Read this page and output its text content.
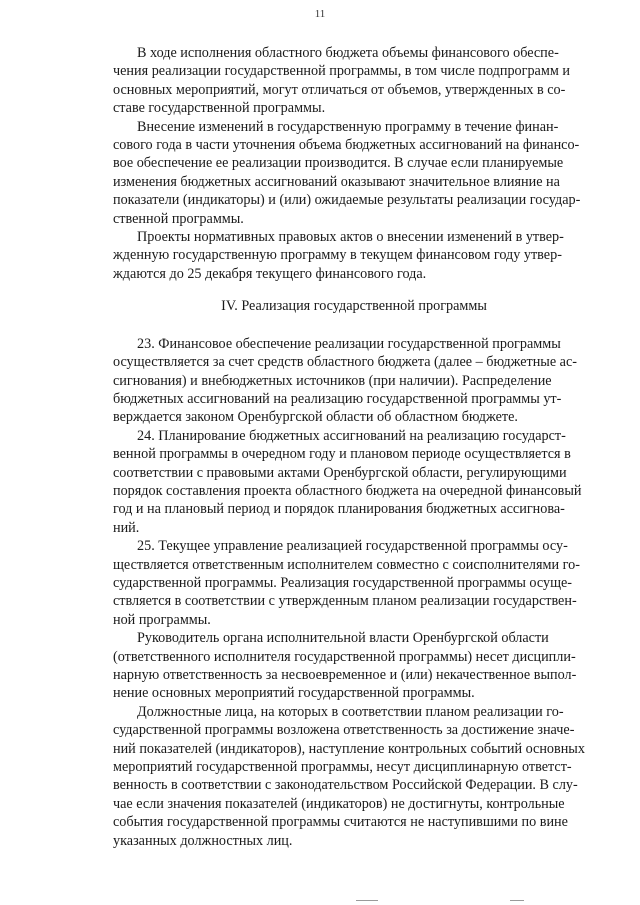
11

В ходе исполнения областного бюджета объемы финансового обеспе-
чения реализации государственной программы, в том числе подпрограмм и
основных мероприятий, могут отличаться от объемов, утвержденных в со-
ставе государственной программы.

Внесение изменений в государственную программу в течение финан-
сового года в части уточнения объема бюджетных ассигнований на финансо-
вое обеспечение ее реализации производится. В случае если планируемые
изменения бюджетных ассигнований оказывают значительное влияние на
показатели (индикаторы) и (или) ожидаемые результаты реализации государ-
ственной программы.

Проекты нормативных правовых актов о внесении изменений в утвер-
жденную государственную программу в текущем финансовом году утвер-
ждаются до 25 декабря текущего финансового года.

IV. Реализация государственной программы

23. Финансовое обеспечение реализации государственной программы
осуществляется за счет средств областного бюджета (далее – бюджетные ас-
сигнования) и внебюджетных источников (при наличии). Распределение
бюджетных ассигнований на реализацию государственной программы ут-
верждается законом Оренбургской области об областном бюджете.

24. Планирование бюджетных ассигнований на реализацию государст-
венной программы в очередном году и плановом периоде осуществляется в
соответствии с правовыми актами Оренбургской области, регулирующими
порядок составления проекта областного бюджета на очередной финансовый
год и на плановый период и порядок планирования бюджетных ассигнова-
ний.

25. Текущее управление реализацией государственной программы осу-
ществляется ответственным исполнителем совместно с соисполнителями го-
сударственной программы. Реализация государственной программы осуще-
ствляется в соответствии с утвержденным планом реализации государствен-
ной программы.

Руководитель органа исполнительной власти Оренбургской области
(ответственного исполнителя государственной программы) несет дисципли-
нарную ответственность за несвоевременное и (или) некачественное выпол-
нение основных мероприятий государственной программы.

Должностные лица, на которых в соответствии планом реализации го-
сударственной программы возложена ответственность за достижение значе-
ний показателей (индикаторов), наступление контрольных событий основных
мероприятий государственной программы, несут дисциплинарную ответст-
венность в соответствии с законодательством Российской Федерации. В слу-
чае если значения показателей (индикаторов) не достигнуты, контрольные
события государственной программы считаются не наступившими по вине
указанных должностных лиц.
